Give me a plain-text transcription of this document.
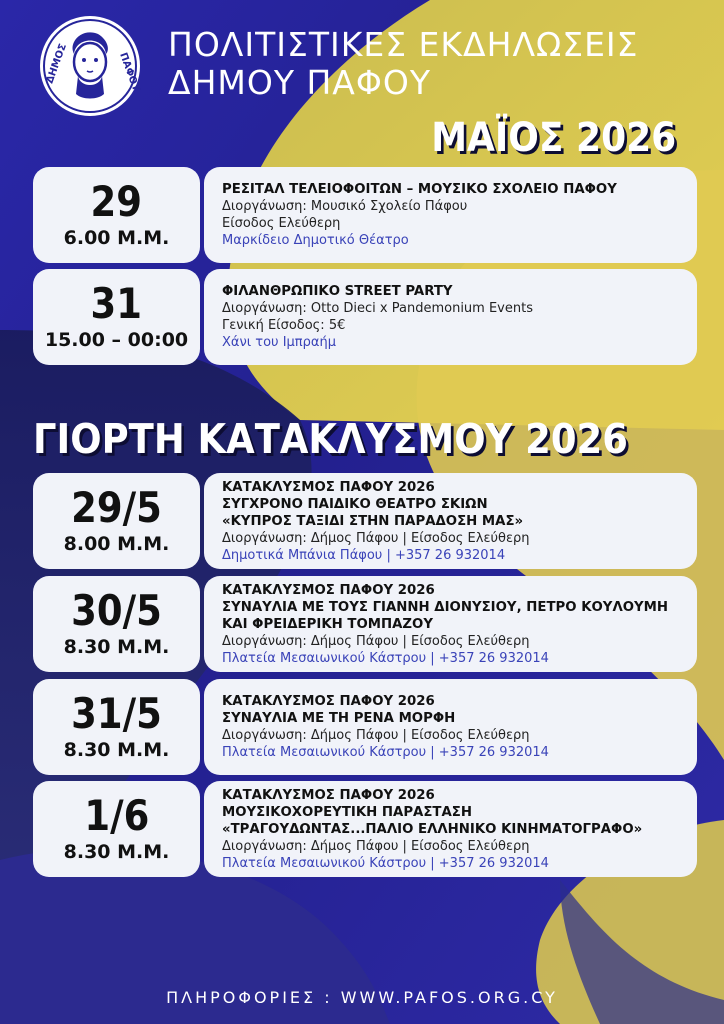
ΔΗΜΟΣ	ΠΑΦΟΥ
ΠΟΛΙΤΙΣΤΙΚΕΣ ΕΚΔΗΛΩΣΕΙΣ
ΔΗΜΟΥ ΠΑΦΟΥ
ΜΑΪΟΣ 2026
29
6.00 Μ.Μ.
ΡΕΣΙΤΑΛ ΤΕΛΕΙΟΦΟΙΤΩΝ – ΜΟΥΣΙΚΟ ΣΧΟΛΕΙΟ ΠΑΦΟΥ
Διοργάνωση: Μουσικό Σχολείο Πάφου
Είσοδος Ελεύθερη
Μαρκίδειο Δημοτικό Θέατρο
31
15.00 – 00:00
ΦΙΛΑΝΘΡΩΠΙΚΟ STREET PARTY
Διοργάνωση: Otto Dieci x Pandemonium Events
Γενική Είσοδος: 5€
Χάνι του Ιμπραήμ
ΓΙΟΡΤΗ ΚΑΤΑΚΛΥΣΜΟΥ 2026
29/5
8.00 Μ.Μ.
ΚΑΤΑΚΛΥΣΜΟΣ ΠΑΦΟΥ 2026
ΣΥΓΧΡΟΝΟ ΠΑΙΔΙΚΟ ΘΕΑΤΡΟ ΣΚΙΩΝ
«ΚΥΠΡΟΣ ΤΑΞΙΔΙ ΣΤΗΝ ΠΑΡΑΔΟΣΗ ΜΑΣ»
Διοργάνωση: Δήμος Πάφου | Είσοδος Ελεύθερη
Δημοτικά Μπάνια Πάφου | +357 26 932014
30/5
8.30 Μ.Μ.
ΚΑΤΑΚΛΥΣΜΟΣ ΠΑΦΟΥ 2026
ΣΥΝΑΥΛΙΑ ΜΕ ΤΟΥΣ ΓΙΑΝΝΗ ΔΙΟΝΥΣΙΟΥ, ΠΕΤΡΟ ΚΟΥΛΟΥΜΗ
ΚΑΙ ΦΡΕΙΔΕΡΙΚΗ ΤΟΜΠΑΖΟΥ
Διοργάνωση: Δήμος Πάφου | Είσοδος Ελεύθερη
Πλατεία Μεσαιωνικού Κάστρου | +357 26 932014
31/5
8.30 Μ.Μ.
ΚΑΤΑΚΛΥΣΜΟΣ ΠΑΦΟΥ 2026
ΣΥΝΑΥΛΙΑ ΜΕ ΤΗ ΡΕΝΑ ΜΟΡΦΗ
Διοργάνωση: Δήμος Πάφου | Είσοδος Ελεύθερη
Πλατεία Μεσαιωνικού Κάστρου | +357 26 932014
1/6
8.30 Μ.Μ.
ΚΑΤΑΚΛΥΣΜΟΣ ΠΑΦΟΥ 2026
ΜΟΥΣΙΚΟΧΟΡΕΥΤΙΚΗ ΠΑΡΑΣΤΑΣΗ
«ΤΡΑΓΟΥΔΩΝΤΑΣ...ΠΑΛΙΟ ΕΛΛΗΝΙΚΟ ΚΙΝΗΜΑΤΟΓΡΑΦΟ»
Διοργάνωση: Δήμος Πάφου | Είσοδος Ελεύθερη
Πλατεία Μεσαιωνικού Κάστρου | +357 26 932014
ΠΛΗΡΟΦΟΡΙΕΣ : WWW.PAFOS.ORG.CY
